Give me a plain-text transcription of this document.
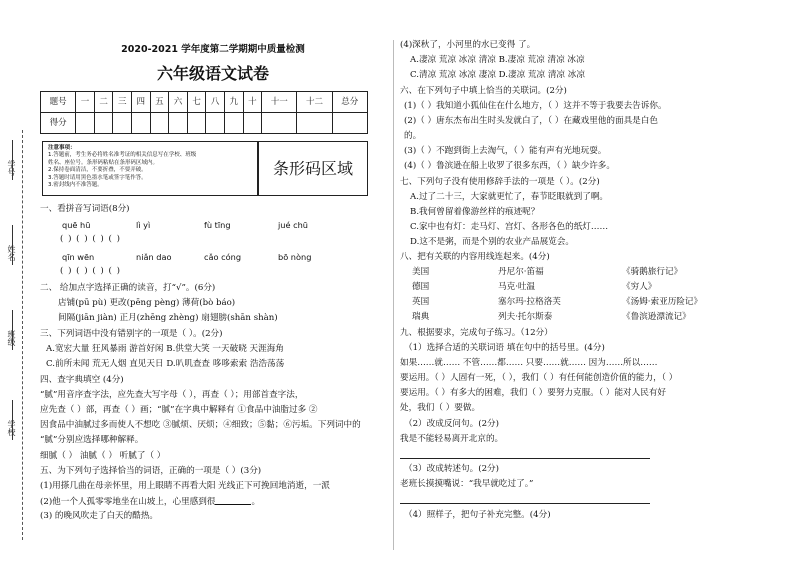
学号
姓名
班级
学校
2020-2021 学年度第二学期期中质量检测
六年级语文试卷
题号	一	二	三	四	五	六	七	八	九	十	十一	十二	总分
得分													
注意事项：
1.答题前，考生务必将姓名准考证的相关信息写在学校、班级
姓名、座位号。条形码粘贴在条形码区域内。
2.保持卷面清洁，不要折叠，不要弄破。
3.答题时请用黑色墨水笔或签字笔作答。
3.密封线内不准答题。
条形码区域
一、看拼音写词语(8分)
quē hū	lì yì	fù tīng	jué chū
( ) ( ) ( ) ( )
qīn wēn	niǎn dao	cǎo cóng	bō nòng
( ) ( ) ( ) ( )
二、 给加点字选择正确的读音，打“√”。(6分)
店铺(pū pù) 更改(pēng pèng) 薄荷(bò báo)
间隔(jiān jiàn) 正月(zhēng zhèng) 扇翅膀(shān shàn)
三、下列词语中没有错别字的一项是（ ）。(2分)
A.宽宏大量 狂风暴雨 游首好闲 B.供堂大笑 一天破晓 天涯海角
C.前所未闻 荒无人烟 直见天日 D.叭叽查查 哆哆索索 浩浩荡荡
四、查字典填空 (4分)
“腻”用音序查字法，应先查大写字母（ ），再查（ ）；用部首查字法，
应先查（ ）部，再查（ ）画；“腻”在字典中解释有 ①食品中油脂过多 ②
因食品中油腻过多而使人不想吃 ③腻烦、厌烦；④细致；⑤黏；⑥污垢。下列词中的
“腻”分别应选择哪种解释。
细腻（ ） 油腻（ ） 听腻了（ ）
五、为下列句子选择恰当的词语，正确的一项是（ ）(3分)
(1)用搽几曲在母亲怀里，用上眼睛不再看大阳 光线正下可挽回地消逝，一派
(2)他一个人孤零零地坐在山坡上，心里感到很	。
(3) 的晚风吹走了白天的酷热。
(4)深秋了，小河里的水已变得 了。
A.凄凉 荒凉 冰凉 清凉 B.凄凉 荒凉 清凉 冰凉
C.清凉 荒凉 冰凉 凄凉 D.凄凉 荒凉 清凉 冰凉
六、在下列句子中填上恰当的关联词。(2分)
(1)（ ）我知道小狐仙住在什么地方，（ ）这并不等于我要去告诉你。
(2)（ ）唐东杰布出生时头发就白了，（ ）在藏戏里他的面具是白色
的。
(3)（ ）不跑到街上去淘气，（ ）能有声有光地玩耍。
(4)（ ）鲁滨逊在船上收罗了很多东西，（ ）缺少许多。
七、下列句子没有使用修辞手法的一项是（ ）。(2分)
A.过了二十三，大家就更忙了，春节眨眼就到了啊。
B.我何曾留着像游丝样的痕迹呢？
C.家中也有灯：走马灯、宫灯、各形各色的纸灯……
D.这不是粥，而是个别的农业产品展览会。
八、把有关联的内容用线连起来。(4分)
美国	丹尼尔·笛福	《骑鹅旅行记》
德国	马克·吐温	《穷人》
英国	塞尔玛·拉格洛芙	《汤姆·索亚历险记》
瑞典	列夫·托尔斯泰	《鲁滨逊漂流记》
九、根据要求，完成句子练习。（12分）
（1）选择合适的关联词语 填在句中的括号里。(4分)
如果……就…… 不管……都…… 只要……就…… 因为……所以……
要运用。（ ）人固有一死，（ ），我们（ ）有任何能创造价值的能力，（ ）
要运用。（ ）有多大的困难，我们（ ）要努力克服。（ ）能对人民有好
处，我们（ ）要做。
（2）改成反问句。(2分)
我是不能轻易离开北京的。
（3）改成转述句。(2分)
老班长摸摸嘴说：“我早就吃过了。”
（4）照样子，把句子补充完整。(4分)
